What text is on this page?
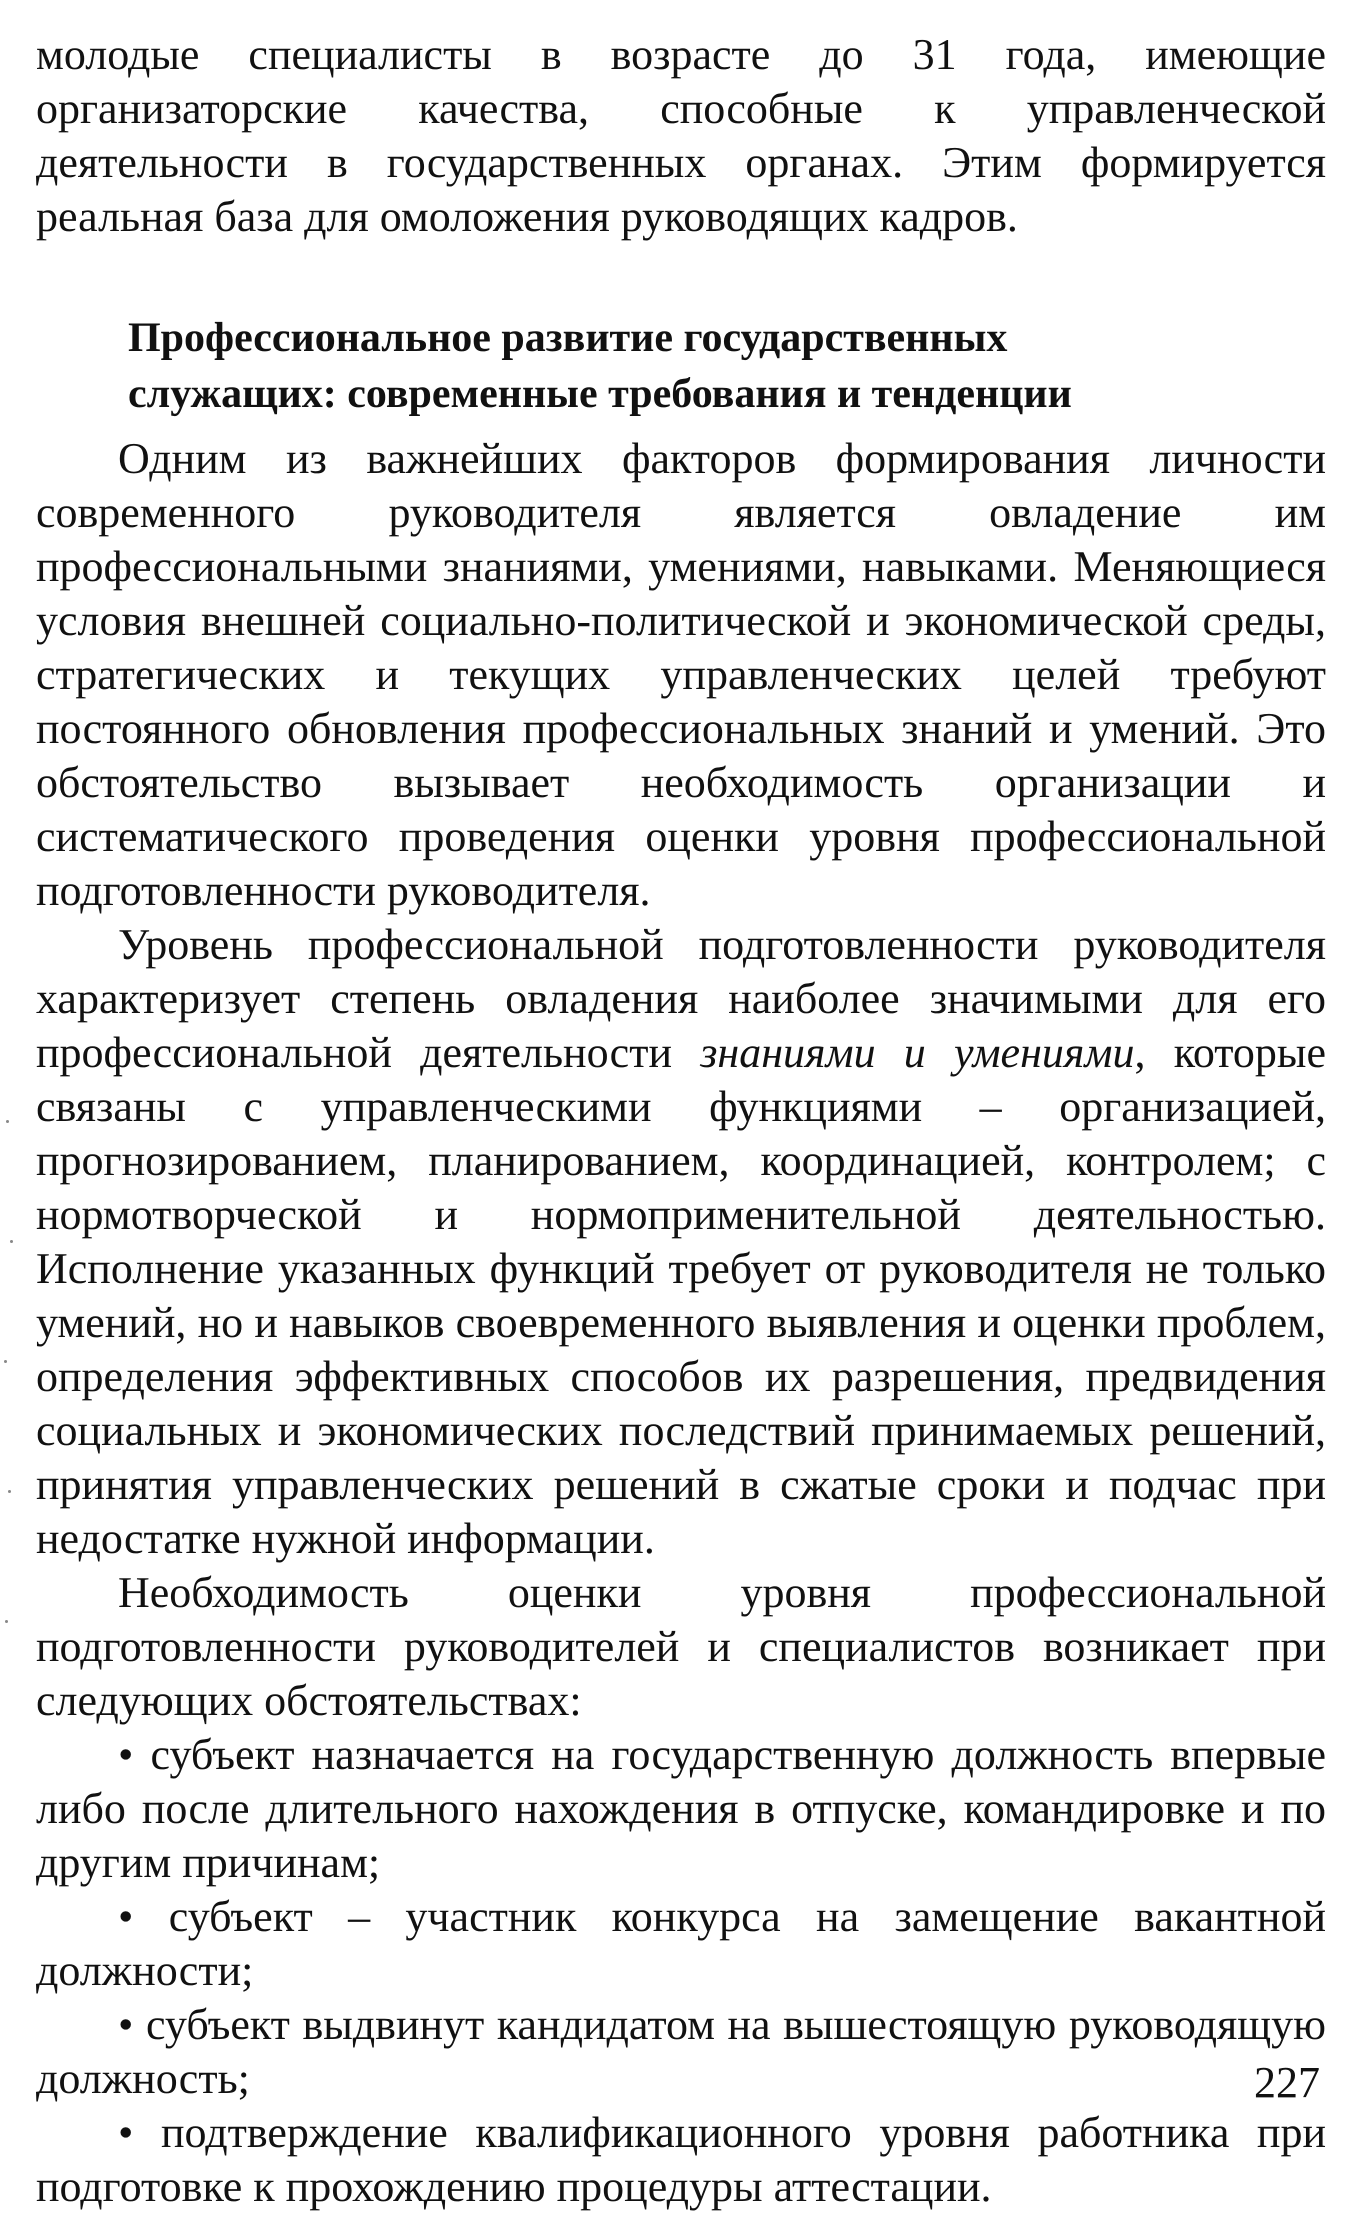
молодые специалисты в возрасте до 31 года, имеющие организаторские качества, способные к управленческой деятельности в государственных органах. Этим формируется реальная база для омоложения руководящих кадров.

Профессиональное развитие государственных
служащих: современные требования и тенденции

Одним из важнейших факторов формирования личности современного руководителя является овладение им профессиональными знаниями, умениями, навыками. Меняющиеся условия внешней социально-политической и экономической среды, стратегических и текущих управленческих целей требуют постоянного обновления профессиональных знаний и умений. Это обстоятельство вызывает необходимость организации и систематического проведения оценки уровня профессиональной подготовленности руководителя.

Уровень профессиональной подготовленности руководителя характеризует степень овладения наиболее значимыми для его профессиональной деятельности знаниями и умениями, которые связаны с управленческими функциями – организацией, прогнозированием, планированием, координацией, контролем; с нормотворческой и нормоприменительной деятельностью. Исполнение указанных функций требует от руководителя не только умений, но и навыков своевременного выявления и оценки проблем, определения эффективных способов их разрешения, предвидения социальных и экономических последствий принимаемых решений, принятия управленческих решений в сжатые сроки и подчас при недостатке нужной информации.

Необходимость оценки уровня профессиональной подготовленности руководителей и специалистов возникает при следующих обстоятельствах:

• субъект назначается на государственную должность впервые либо после длительного нахождения в отпуске, командировке и по другим причинам;

• субъект – участник конкурса на замещение вакантной должности;

• субъект выдвинут кандидатом на вышестоящую руководящую должность;

• подтверждение квалификационного уровня работника при подготовке к прохождению процедуры аттестации.

227
